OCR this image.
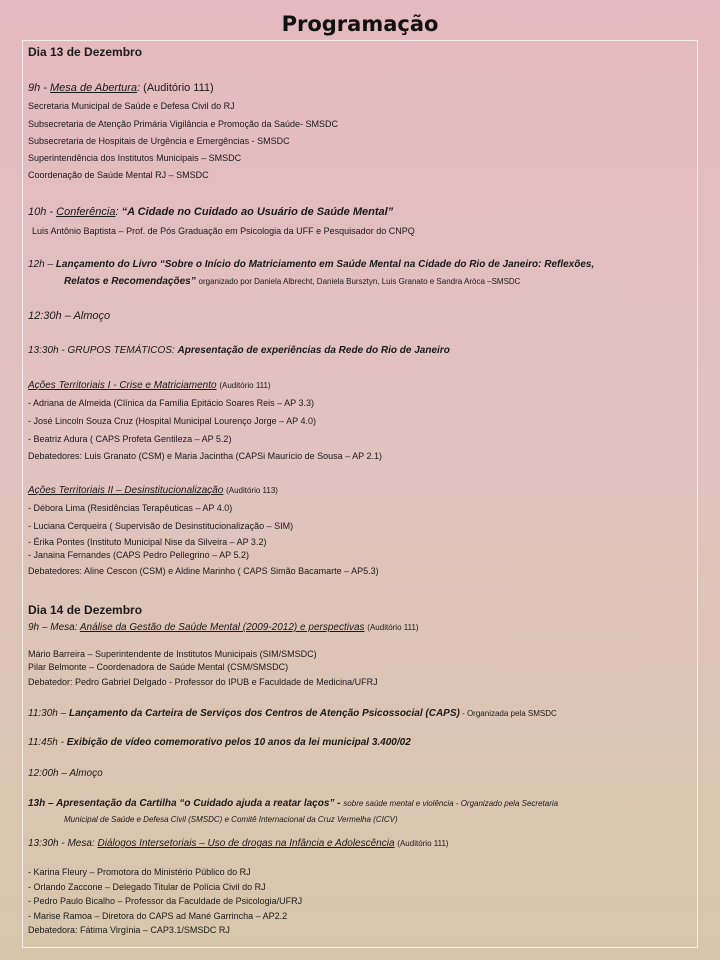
Programação
Dia 13 de Dezembro
9h - Mesa de Abertura: (Auditório 111)
Secretaria Municipal de Saúde e Defesa Civil do RJ
Subsecretaria de Atenção Primária Vigilância e Promoção da Saúde- SMSDC
Subsecretaria de Hospitais de Urgência e Emergências - SMSDC
Superintendência dos Institutos Municipais – SMSDC
Coordenação de Saúde Mental RJ – SMSDC
10h - Conferência: “A Cidade no Cuidado ao Usuário de Saúde Mental”
Luis Antônio Baptista – Prof. de Pós Graduação em Psicologia da UFF e Pesquisador do CNPQ
12h – Lançamento do Livro “Sobre o Início do Matriciamento em Saúde Mental na Cidade do Rio de Janeiro: Reflexões,
Relatos e Recomendações” organizado por Daniela Albrecht, Daniela Bursztyn, Luis Granato e Sandra Aróca –SMSDC
12:30h – Almoço
13:30h - GRUPOS TEMÁTICOS: Apresentação de experiências da Rede do Rio de Janeiro
Ações Territoriais I - Crise e Matriciamento (Auditório 111)
- Adriana de Almeida (Clínica da Família Epitácio Soares Reis – AP 3.3)
- José Lincoln Souza Cruz (Hospital Municipal Lourenço Jorge – AP 4.0)
- Beatriz Adura ( CAPS Profeta Gentileza – AP 5.2)
Debatedores: Luis Granato (CSM) e Maria Jacintha (CAPSi Maurício de Sousa – AP 2.1)
Ações Territoriais II – Desinstitucionalização (Auditório 113)
- Débora Lima (Residências Terapêuticas – AP 4.0)
- Luciana Cerqueira ( Supervisão de Desinstitucionalização – SIM)
- Érika Pontes (Instituto Municipal Nise da Silveira – AP 3.2)
- Janaina Fernandes (CAPS Pedro Pellegrino – AP 5.2)
Debatedores: Aline Cescon (CSM) e Aldine Marinho ( CAPS Simão Bacamarte – AP5.3)
Dia 14 de Dezembro
9h – Mesa: Análise da Gestão de Saúde Mental (2009-2012) e perspectivas (Auditório 111)
Mário Barreira – Superintendente de Institutos Municipais (SIM/SMSDC)
Pilar Belmonte – Coordenadora de Saúde Mental (CSM/SMSDC)
Debatedor: Pedro Gabriel Delgado - Professor do IPUB e Faculdade de Medicina/UFRJ
11:30h – Lançamento da Carteira de Serviços dos Centros de Atenção Psicossocial (CAPS) - Organizada pela SMSDC
11:45h - Exibição de vídeo comemorativo pelos 10 anos da lei municipal 3.400/02
12:00h – Almoço
13h – Apresentação da Cartilha “o Cuidado ajuda a reatar laços” - sobre saúde mental e violência - Organizado pela Secretaria
Municipal de Saúde e Defesa Civil (SMSDC) e Comitê Internacional da Cruz Vermelha (CICV)
13:30h - Mesa: Diálogos Intersetoriais – Uso de drogas na Infância e Adolescência (Auditório 111)
- Karina Fleury – Promotora do Ministério Público do RJ
- Orlando Zaccone – Delegado Titular de Polícia Civil do RJ
- Pedro Paulo Bicalho – Professor da Faculdade de Psicologia/UFRJ
- Marise Ramoa – Diretora do CAPS ad Mané Garrincha – AP2.2
Debatedora: Fátima Virgínia – CAP3.1/SMSDC RJ
